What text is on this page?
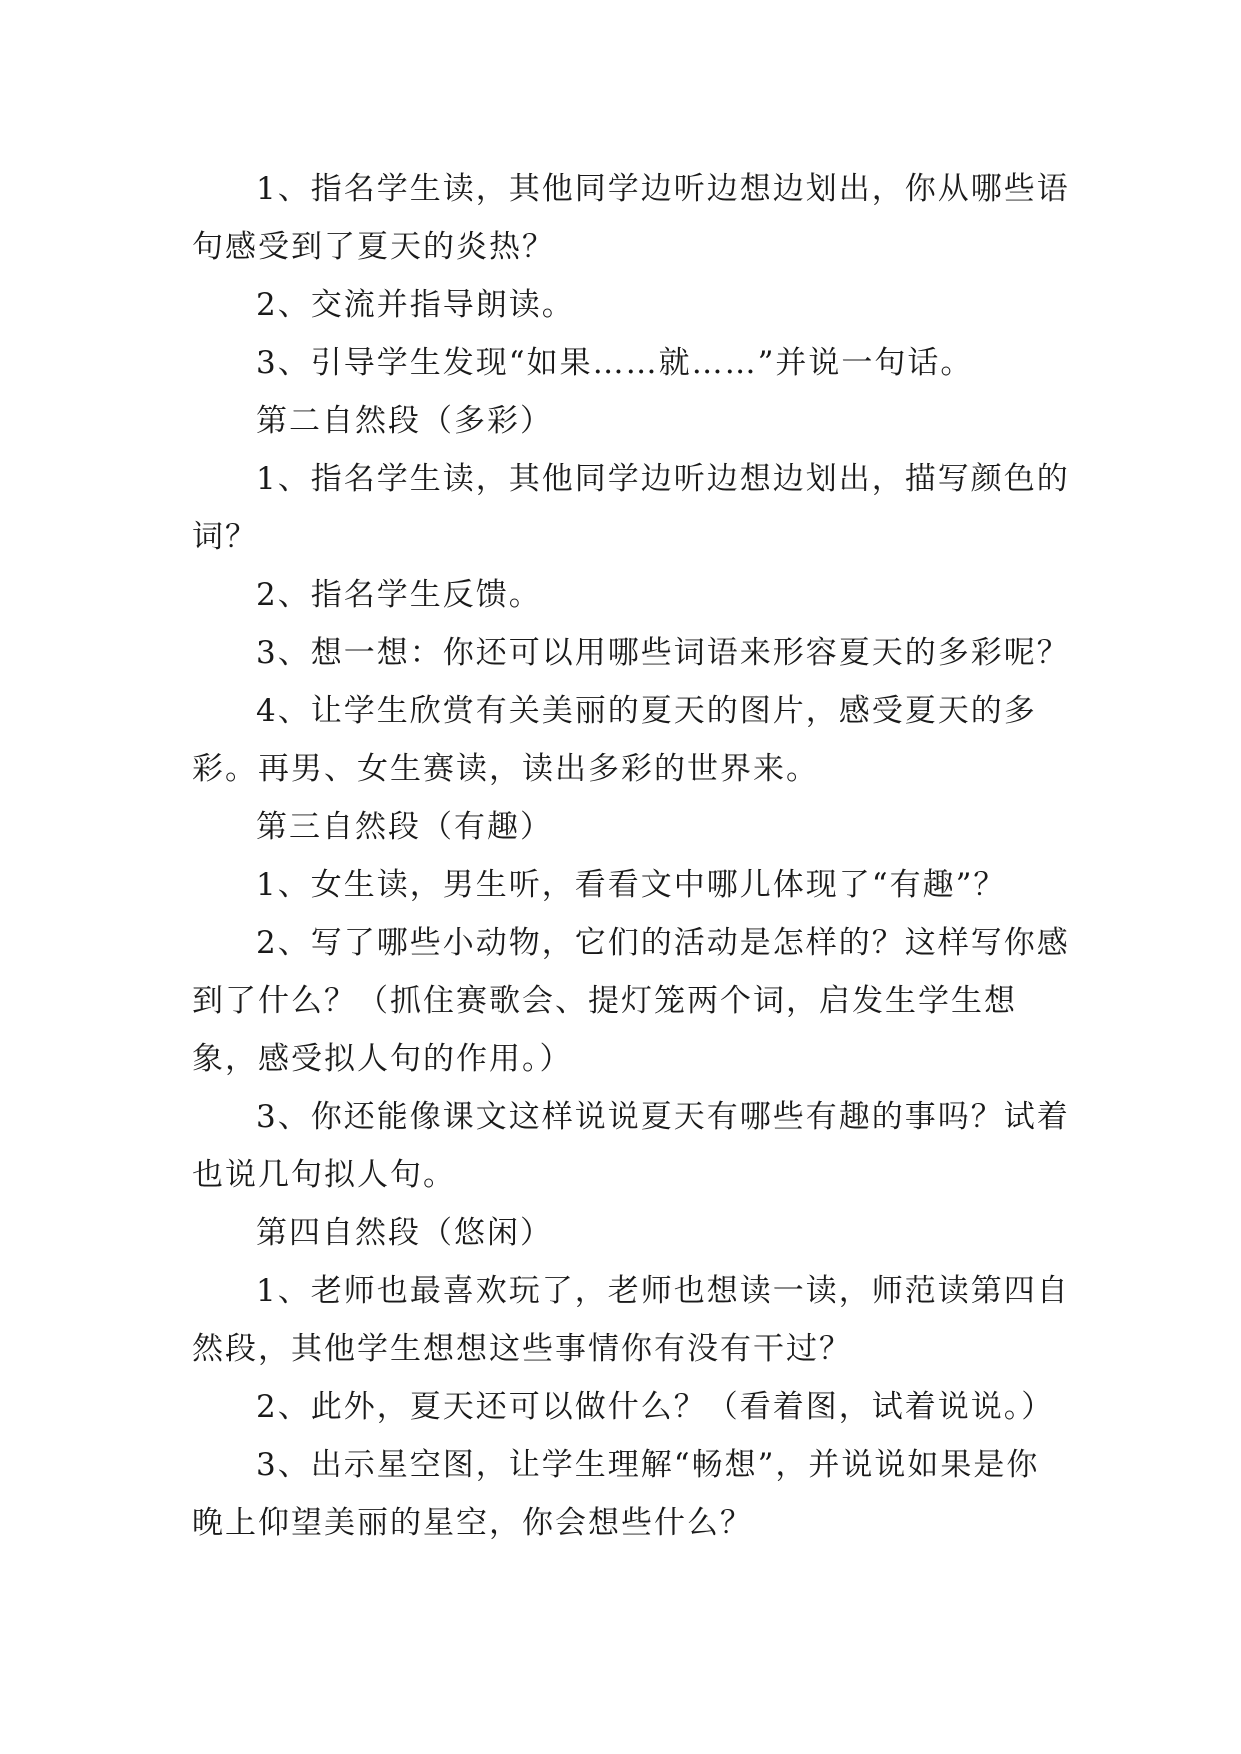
1、指名学生读，其他同学边听边想边划出，你从哪些语句感受到了夏天的炎热？

2、交流并指导朗读。

3、引导学生发现“如果……就……”并说一句话。

第二自然段（多彩）

1、指名学生读，其他同学边听边想边划出，描写颜色的词？

2、指名学生反馈。

3、想一想：你还可以用哪些词语来形容夏天的多彩呢？

4、让学生欣赏有关美丽的夏天的图片，感受夏天的多彩。再男、女生赛读，读出多彩的世界来。

第三自然段（有趣）

1、女生读，男生听，看看文中哪儿体现了“有趣”？

2、写了哪些小动物，它们的活动是怎样的？这样写你感到了什么？（抓住赛歌会、提灯笼两个词，启发生学生想象，感受拟人句的作用。）

3、你还能像课文这样说说夏天有哪些有趣的事吗？试着也说几句拟人句。

第四自然段（悠闲）

1、老师也最喜欢玩了，老师也想读一读，师范读第四自然段，其他学生想想这些事情你有没有干过？

2、此外，夏天还可以做什么？（看着图，试着说说。）

3、出示星空图，让学生理解“畅想”，并说说如果是你晚上仰望美丽的星空，你会想些什么？
